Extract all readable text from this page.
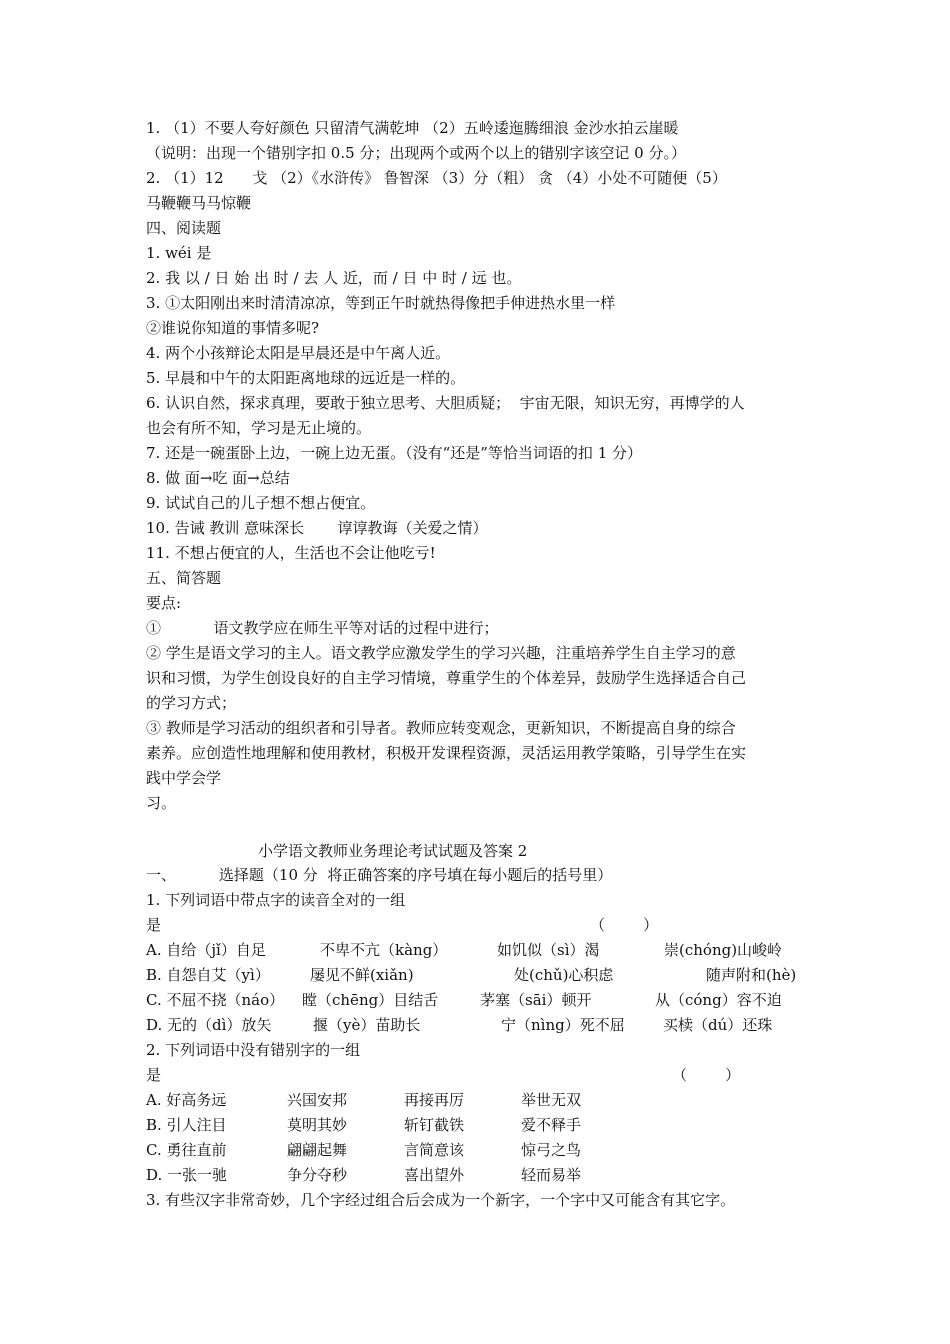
1. （1）不要人夸好颜色 只留清气满乾坤 （2）五岭逶迤腾细浪 金沙水拍云崖暖
（说明：出现一个错别字扣 0.5 分；出现两个或两个以上的错别字该空记 0 分。）
2. （1）12      戈 （2）《水浒传》 鲁智深 （3）分（粗） 贪 （4）小处不可随便（5）
马鞭鞭马马惊鞭
四、阅读题
1. wéi 是
2. 我 以 / 日 始 出 时 / 去 人 近，而 / 日 中 时 / 远 也。
3. ①太阳刚出来时清清凉凉，等到正午时就热得像把手伸进热水里一样
②谁说你知道的事情多呢?
4. 两个小孩辩论太阳是早晨还是中午离人近。
5. 早晨和中午的太阳距离地球的远近是一样的。
6. 认识自然，探求真理，要敢于独立思考、大胆质疑；  宇宙无限，知识无穷，再博学的人
也会有所不知，学习是无止境的。
7. 还是一碗蛋卧上边，一碗上边无蛋。（没有“还是”等恰当词语的扣 1 分）
8. 做 面→吃 面→总结
9. 试试自己的儿子想不想占便宜。
10. 告诫 教训 意味深长       谆谆教诲（关爱之情）
11. 不想占便宜的人，生活也不会让他吃亏!
五、简答题
要点:
①           语文教学应在师生平等对话的过程中进行；
② 学生是语文学习的主人。语文教学应激发学生的学习兴趣，注重培养学生自主学习的意
识和习惯，为学生创设良好的自主学习情境，尊重学生的个体差异，鼓励学生选择适合自己
的学习方式；
③ 教师是学习活动的组织者和引导者。教师应转变观念，更新知识，不断提高自身的综合
素养。应创造性地理解和使用教材，积极开发课程资源，灵活运用教学策略，引导学生在实
践中学会学
习。
小学语文教师业务理论考试试题及答案 2
一、         选择题（10 分  将正确答案的序号填在每小题后的括号里）
1. 下列词语中带点字的读音全对的一组
是	（        ）
A. 自给（jǐ）自足	不卑不亢（kàng）	如饥似（sì）渴	崇(chóng)山峻岭
B. 自怨自艾（yì）	屡见不鲜(xiǎn)	处(chǔ)心积虑	随声附和(hè)
C. 不屈不挠（náo） 瞠（chēng）目结舌	茅塞（sāi）顿开	从（cóng）容不迫
D. 无的（dì）放矢	揠（yè）苗助长	宁（nìng）死不屈	买椟（dú）还珠
2. 下列词语中没有错别字的一组
是	（        ）
A. 好高务远	兴国安邦	再接再厉	举世无双
B. 引人注目	莫明其妙	斩钉截铁	爱不释手
C. 勇往直前	翩翩起舞	言简意该	惊弓之鸟
D. 一张一驰	争分夺秒	喜出望外	轻而易举
3. 有些汉字非常奇妙，几个字经过组合后会成为一个新字，一个字中又可能含有其它字。
